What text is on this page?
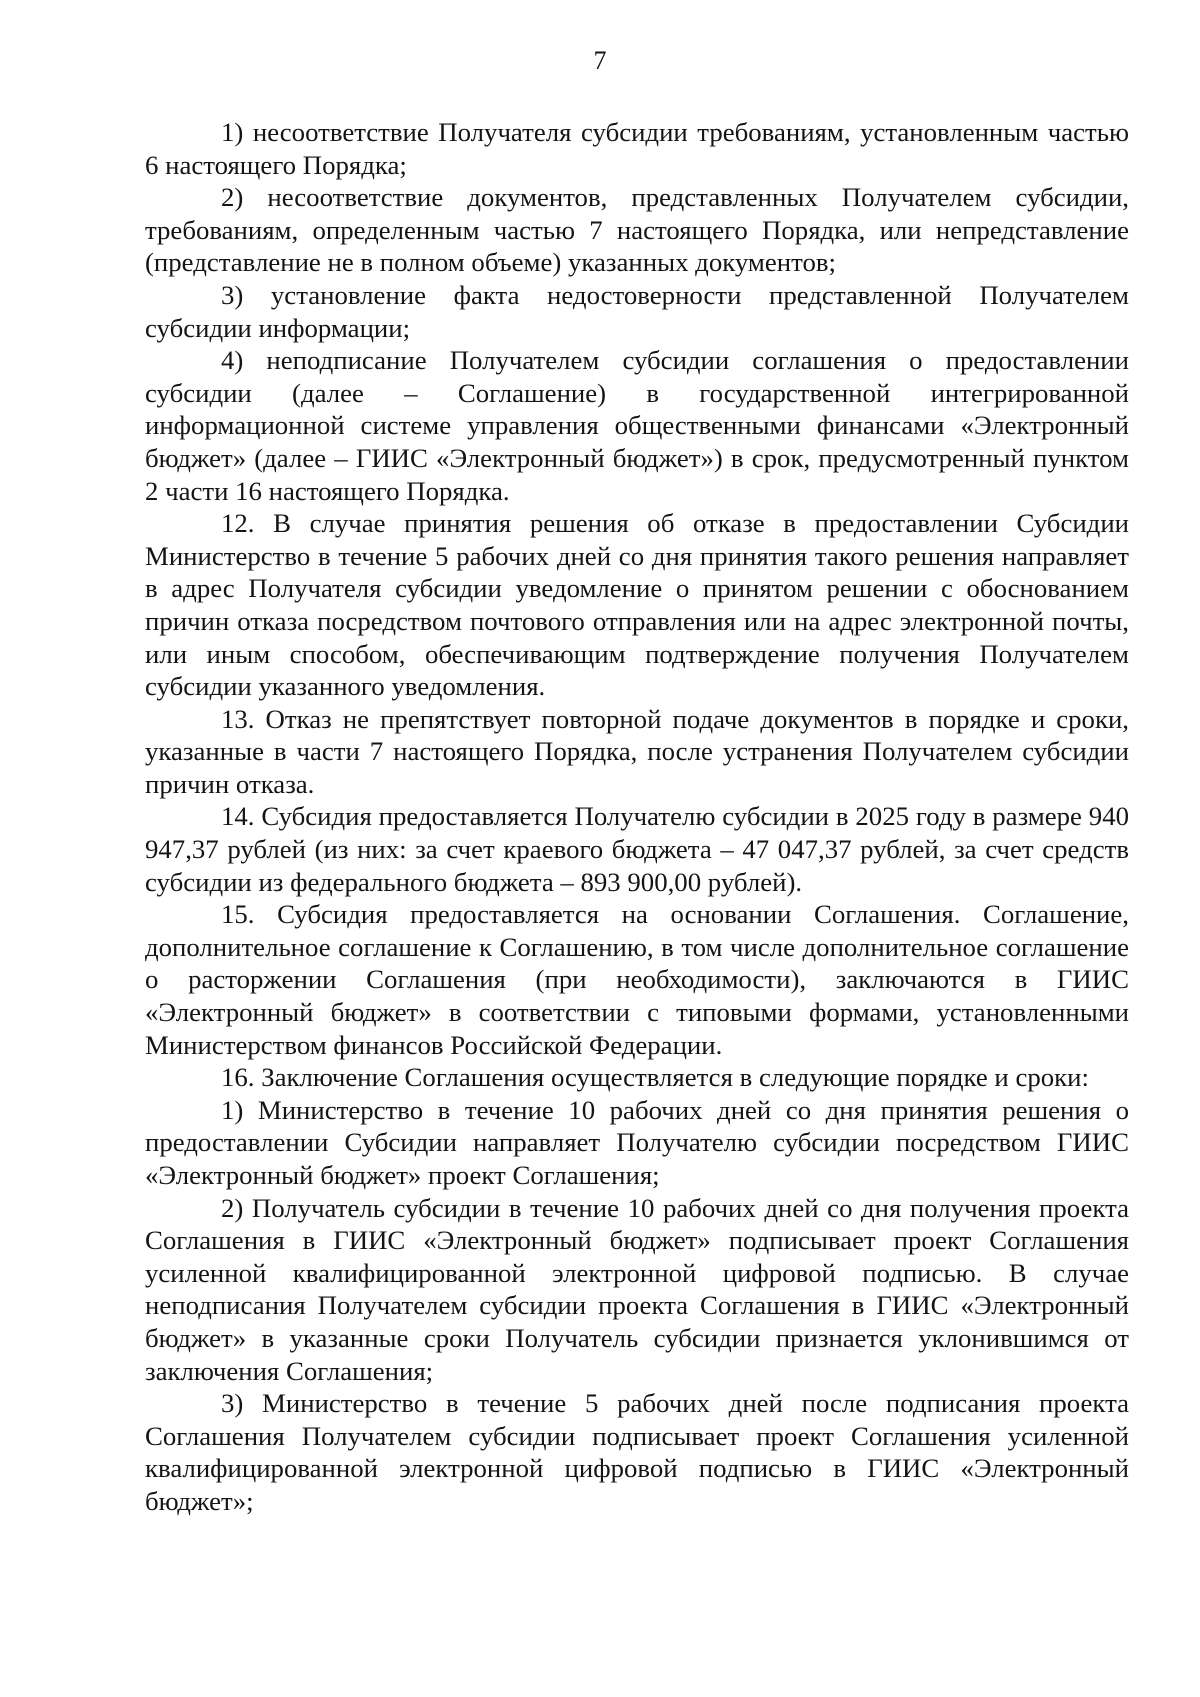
7

1) несоответствие Получателя субсидии требованиям, установленным частью 6 настоящего Порядка;

2) несоответствие документов, представленных Получателем субсидии, требованиям, определенным частью 7 настоящего Порядка, или непредставление (представление не в полном объеме) указанных документов;

3) установление факта недостоверности представленной Получателем субсидии информации;

4) неподписание Получателем субсидии соглашения о предоставлении субсидии (далее – Соглашение) в государственной интегрированной информационной системе управления общественными финансами «Электронный бюджет» (далее – ГИИС «Электронный бюджет») в срок, предусмотренный пунктом 2 части 16 настоящего Порядка.

12. В случае принятия решения об отказе в предоставлении Субсидии Министерство в течение 5 рабочих дней со дня принятия такого решения направляет в адрес Получателя субсидии уведомление о принятом решении с обоснованием причин отказа посредством почтового отправления или на адрес электронной почты, или иным способом, обеспечивающим подтверждение получения Получателем субсидии указанного уведомления.

13. Отказ не препятствует повторной подаче документов в порядке и сроки, указанные в части 7 настоящего Порядка, после устранения Получателем субсидии причин отказа.

14. Субсидия предоставляется Получателю субсидии в 2025 году в размере 940 947,37 рублей (из них: за счет краевого бюджета – 47 047,37 рублей, за счет средств субсидии из федерального бюджета – 893 900,00 рублей).

15. Субсидия предоставляется на основании Соглашения. Соглашение, дополнительное соглашение к Соглашению, в том числе дополнительное соглашение о расторжении Соглашения (при необходимости), заключаются в ГИИС «Электронный бюджет» в соответствии с типовыми формами, установленными Министерством финансов Российской Федерации.

16. Заключение Соглашения осуществляется в следующие порядке и сроки:

1) Министерство в течение 10 рабочих дней со дня принятия решения о предоставлении Субсидии направляет Получателю субсидии посредством ГИИС «Электронный бюджет» проект Соглашения;

2) Получатель субсидии в течение 10 рабочих дней со дня получения проекта Соглашения в ГИИС «Электронный бюджет» подписывает проект Соглашения усиленной квалифицированной электронной цифровой подписью. В случае неподписания Получателем субсидии проекта Соглашения в ГИИС «Электронный бюджет» в указанные сроки Получатель субсидии признается уклонившимся от заключения Соглашения;

3) Министерство в течение 5 рабочих дней после подписания проекта Соглашения Получателем субсидии подписывает проект Соглашения усиленной квалифицированной электронной цифровой подписью в ГИИС «Электронный бюджет»;
